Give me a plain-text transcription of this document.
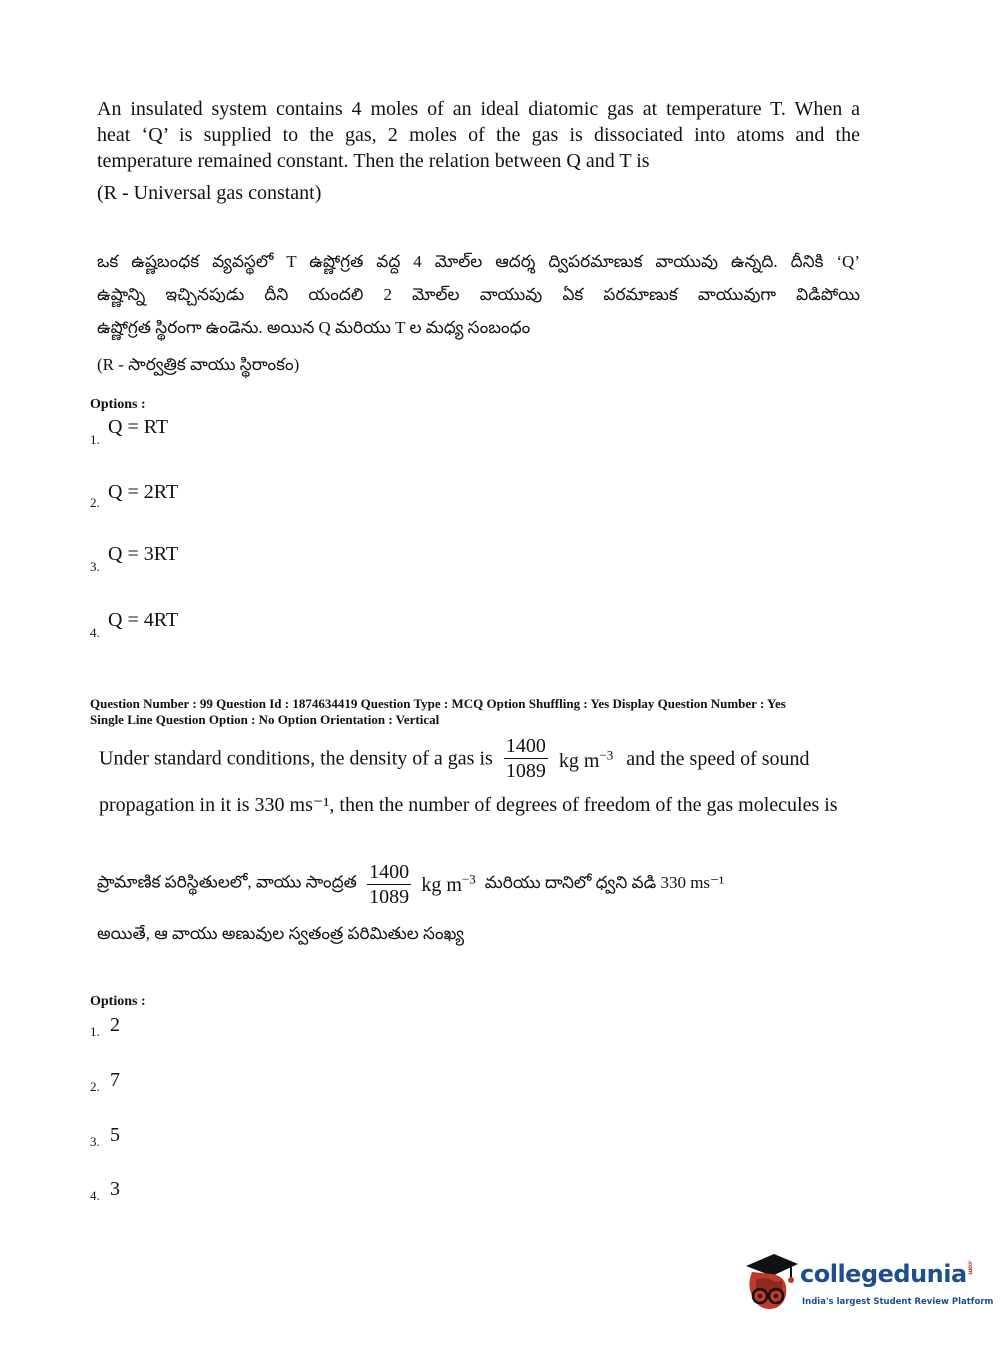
An insulated system contains 4 moles of an ideal diatomic gas at temperature T. When a
heat ‘Q’ is supplied to the gas, 2 moles of the gas is dissociated into atoms and the
temperature remained constant. Then the relation between Q and T is
(R - Universal gas constant)
ఒక ఉష్ణబంధక వ్యవస్థలో T ఉష్ణోగ్రత వద్ద 4 మోల్‌ల ఆదర్శ ద్విపరమాణుక వాయువు ఉన్నది. దీనికి ‘Q’
ఉష్ణాన్ని ఇచ్చినపుడు దీని యందలి 2 మోల్‌ల వాయువు ఏక పరమాణుక వాయువుగా విడిపోయి
ఉష్ణోగ్రత స్థిరంగా ఉండెను. అయిన Q మరియు T ల మధ్య సంబంధం
(R - సార్వత్రిక వాయు స్థిరాంకం)
Options :
1.
Q = RT
2. Q = 2RT
3.
Q = 3RT
4.
Q = 4RT
Question Number : 99 Question Id : 1874634419 Question Type : MCQ Option Shuffling : Yes Display Question Number : Yes
Single Line Question Option : No Option Orientation : Vertical
Under standard conditions, the density of a gas is $\frac{1400}{1089}$ kg $m^{-3}$ and the speed of sound
propagation in it is 330 ms⁻¹, then the number of degrees of freedom of the gas molecules is
ప్రామాణిక పరిస్థితులలో, వాయు సాంద్రత $\frac{1400}{1089}$ kg $m^{-3}$ మరియు దానిలో ధ్వని వడి 330 ms⁻¹
అయితే, ఆ వాయు అణువుల స్వతంత్ర పరిమితుల సంఖ్య
Options :
1. 2
2. 7
3. 5
4. 3
collegedunia.com
India's largest Student Review Platform
